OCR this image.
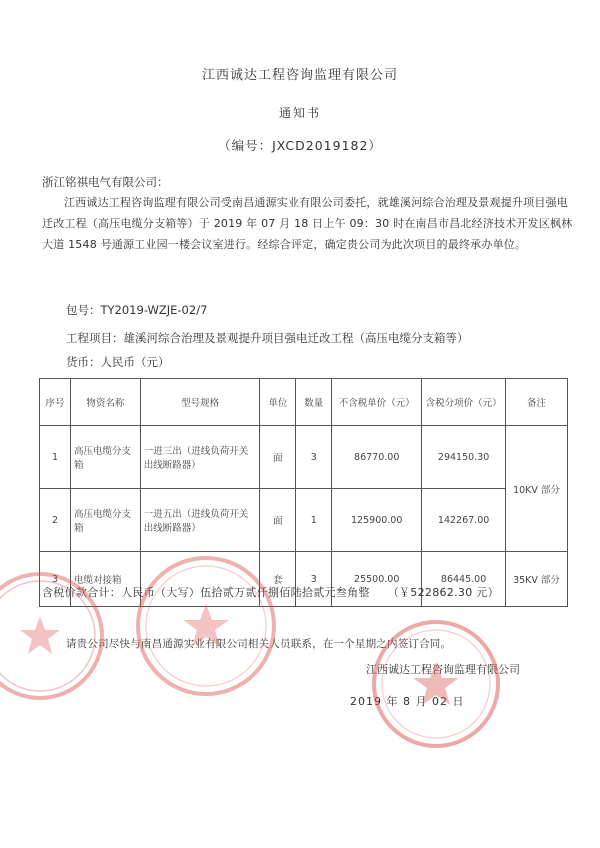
江西诚达工程咨询监理有限公司
通知书
（编号：JXCD2019182）
浙江铭祺电气有限公司：
江西诚达工程咨询监理有限公司受南昌通源实业有限公司委托，就雄溪河综合治理及景观提升项目强电迁改工程（高压电缆分支箱等）于 2019 年 07 月 18 日上午 09：30 时在南昌市昌北经济技术开发区枫林大道 1548 号通源工业园一楼会议室进行。经综合评定，确定贵公司为此次项目的最终承办单位。
包号：TY2019-WZJE-02/7
工程项目：雄溪河综合治理及景观提升项目强电迁改工程（高压电缆分支箱等）
货币：人民币（元）
序号	物资名称	型号规格	单位	数量	不含税单价（元）	含税分项价（元）	备注
1	高压电缆分支箱	一进三出（进线负荷开关出线断路器）	面	3	86770.00	294150.30	10KV 部分
2	高压电缆分支箱	一进五出（进线负荷开关出线断路器）	面	1	125900.00	142267.00	
3	电缆对接箱		套	3	25500.00	86445.00	35KV 部分
含税价款合计：人民币（大写）伍拾贰万贰仟捌佰陆拾贰元叁角整 （￥522862.30 元）
请贵公司尽快与南昌通源实业有限公司相关人员联系，在一个星期之内签订合同。
江西诚达工程咨询监理有限公司
2019 年 8 月 02 日
